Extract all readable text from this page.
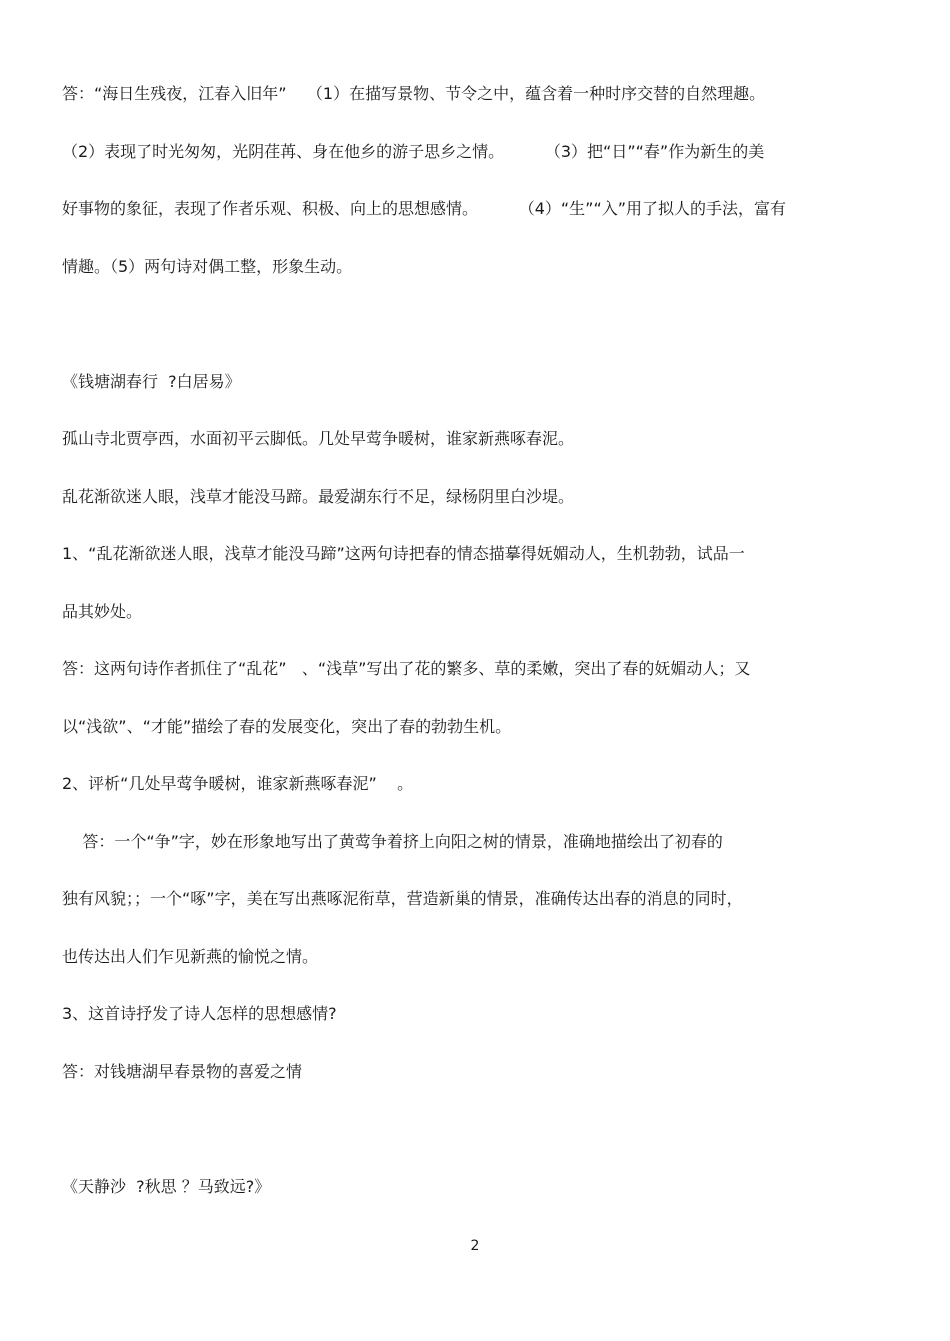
答：“海日生残夜，江春入旧年”    （1）在描写景物、节令之中，蕴含着一种时序交替的自然理趣。
（2）表现了时光匆匆，光阴荏苒、身在他乡的游子思乡之情。        （3）把“日”“春”作为新生的美
好事物的象征，表现了作者乐观、积极、向上的思想感情。        （4）“生”“入”用了拟人的手法，富有
情趣。（5）两句诗对偶工整，形象生动。
《钱塘湖春行  ?白居易》
孤山寺北贾亭西，水面初平云脚低。几处早莺争暖树，谁家新燕啄春泥。
乱花渐欲迷人眼，浅草才能没马蹄。最爱湖东行不足，绿杨阴里白沙堤。
1、“乱花渐欲迷人眼，浅草才能没马蹄”这两句诗把春的情态描摹得妩媚动人，生机勃勃，试品一
品其妙处。
答：这两句诗作者抓住了“乱花”   、“浅草”写出了花的繁多、草的柔嫩，突出了春的妩媚动人；又
以“浅欲”、“才能”描绘了春的发展变化，突出了春的勃勃生机。
2、评析“几处早莺争暖树，谁家新燕啄春泥”    。
答：一个“争”字，妙在形象地写出了黄莺争着挤上向阳之树的情景，准确地描绘出了初春的
独有风貌；；一个“啄”字，美在写出燕啄泥衔草，营造新巢的情景，准确传达出春的消息的同时，
也传达出人们乍见新燕的愉悦之情。
3、这首诗抒发了诗人怎样的思想感情?
答：对钱塘湖早春景物的喜爱之情
《天静沙  ?秋思 ？马致远?》
2
